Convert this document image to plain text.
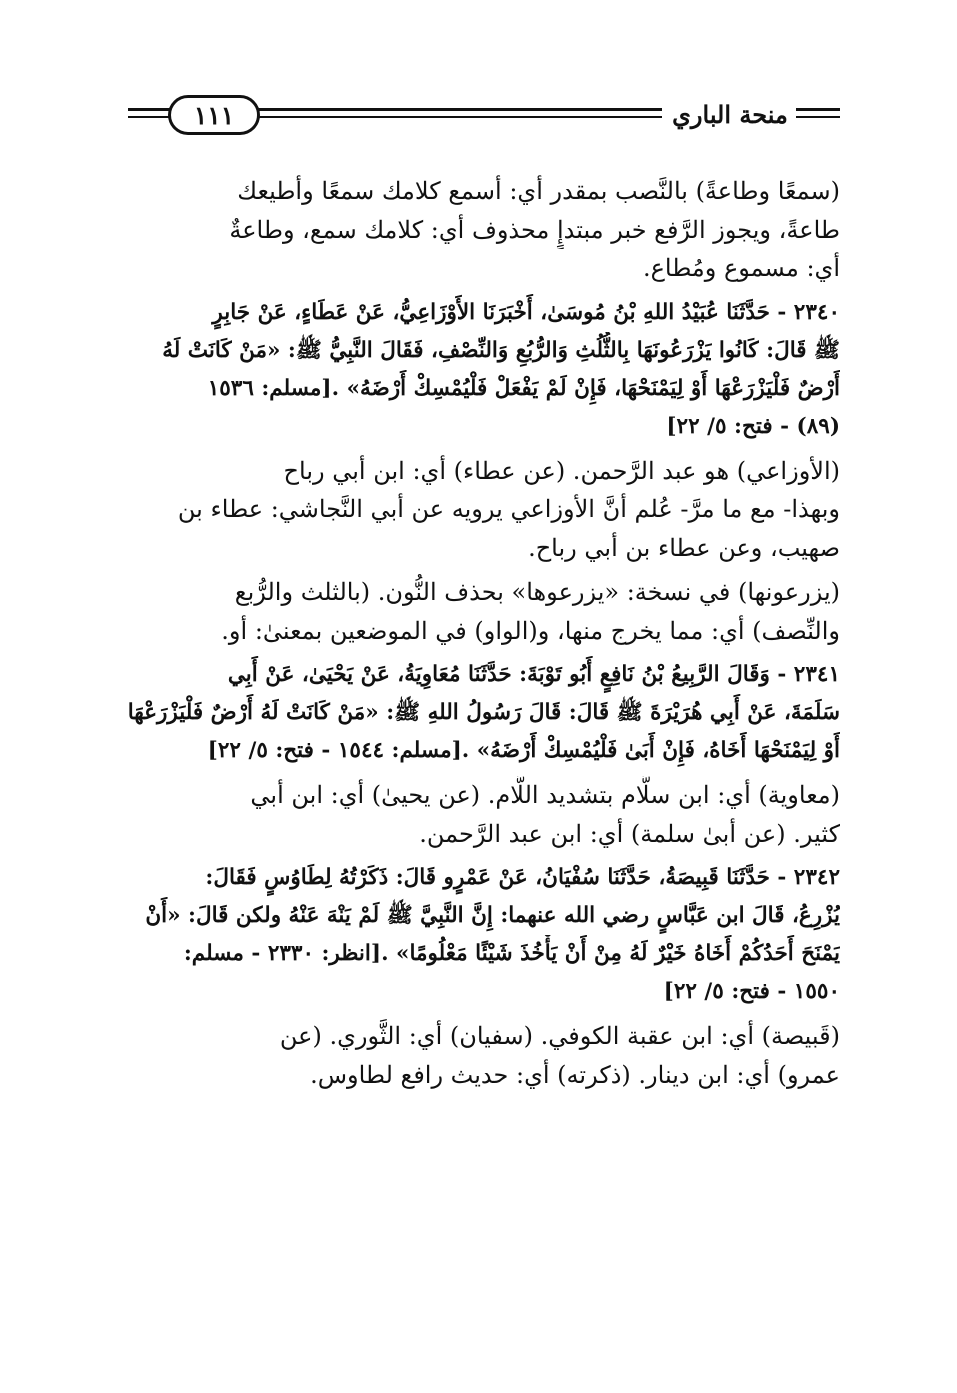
منحة الباري
١١١

(سمعًا وطاعةً) بالنَّصب بمقدر أي: أسمع كلامك سمعًا وأطيعك
طاعةً، ويجوز الرَّفع خبر مبتدإٍ محذوف أي: كلامك سمع، وطاعةٌ
أي: مسموع ومُطاع.

٢٣٤٠ - حَدَّثَنَا عُبَيْدُ اللهِ بْنُ مُوسَىٰ، أَخْبَرَنَا الأَوْزَاعِيُّ، عَنْ عَطَاءٍ، عَنْ جَابِرٍ
ﷺ قَالَ: كَانُوا يَزْرَعُونَهَا بِالثُّلُثِ وَالرُّبُعِ وَالنِّصْفِ، فَقَالَ النَّبِيُّ ﷺ: «مَنْ كَانَتْ لَهُ
أَرْضٌ فَلْيَزْرَعْهَا أَوْ لِيَمْنَحْهَا، فَإِنْ لَمْ يَفْعَلْ فَلْيُمْسِكْ أَرْضَهُ» .[مسلم: ١٥٣٦
(٨٩) - فتح: ٥/ ٢٢]

(الأوزاعي) هو عبد الرَّحمن. (عن عطاء) أي: ابن أبي رباح
وبهذا- مع ما مرَّ- عُلم أنَّ الأوزاعي يرويه عن أبي النَّجاشي: عطاء بن
صهيب، وعن عطاء بن أبي رباح.

(يزرعونها) في نسخة: «يزرعوها» بحذف النُّون. (بالثلث والرُّبع
والنِّصف) أي: مما يخرج منها، و(الواو) في الموضعين بمعنىٰ: أو.

٢٣٤١ - وَقَالَ الرَّبِيعُ بْنُ نَافِعٍ أَبُو تَوْبَةَ: حَدَّثَنَا مُعَاوِيَةُ، عَنْ يَحْيَىٰ، عَنْ أَبِي
سَلَمَةَ، عَنْ أَبِي هُرَيْرَةَ ﷺ قَالَ: قَالَ رَسُولُ اللهِ ﷺ: «مَنْ كَانَتْ لَهُ أَرْضٌ فَلْيَزْرَعْهَا
أَوْ لِيَمْنَحْهَا أَخَاهُ، فَإِنْ أَبَىٰ فَلْيُمْسِكْ أَرْضَهُ» .[مسلم: ١٥٤٤ - فتح: ٥/ ٢٢]

(معاوية) أي: ابن سلَّام بتشديد اللَّام. (عن يحيىٰ) أي: ابن أبي
كثير. (عن أبىٰ سلمة) أي: ابن عبد الرَّحمن.

٢٣٤٢ - حَدَّثَنَا قَبِيصَةُ، حَدَّثَنَا سُفْيَانُ، عَنْ عَمْرٍو قَالَ: ذَكَرْتُهُ لِطَاوُسٍ فَقَالَ:
يُزْرِعُ، قَالَ ابن عَبَّاسٍ رضي الله عنهما: إِنَّ النَّبِيَّ ﷺ لَمْ يَنْهَ عَنْهُ ولكن قَالَ: «أَنْ
يَمْنَحَ أَحَدُكُمْ أَخَاهُ خَيْرٌ لَهُ مِنْ أَنْ يَأْخُذَ شَيْئًا مَعْلُومًا» .[انظر: ٢٣٣٠ - مسلم:
١٥٥٠ - فتح: ٥/ ٢٢]

(قَبيصة) أي: ابن عقبة الكوفي. (سفيان) أي: الثَّوري. (عن
عمرو) أي: ابن دينار. (ذكرته) أي: حديث رافع لطاوس.
